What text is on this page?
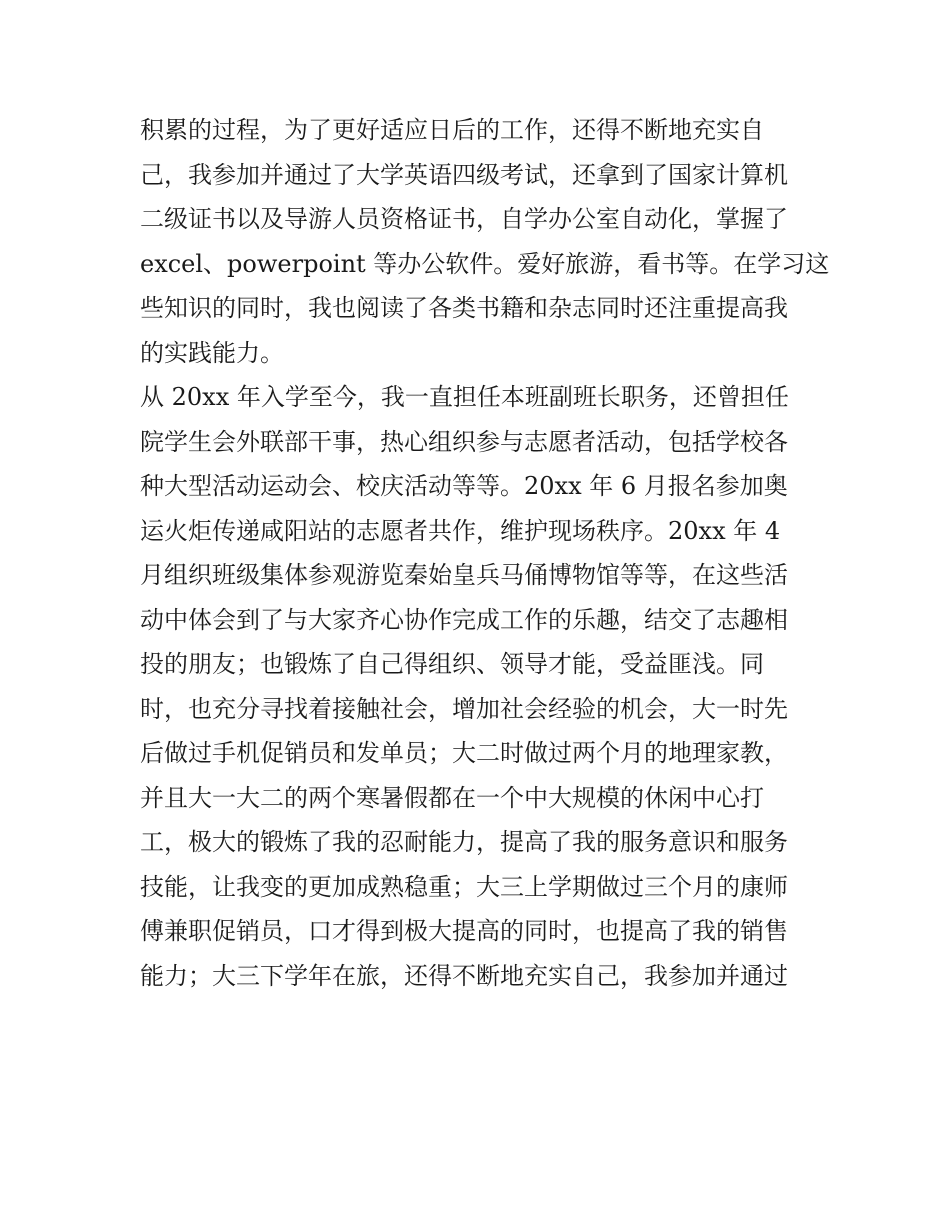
积累的过程，为了更好适应日后的工作，还得不断地充实自
己，我参加并通过了大学英语四级考试，还拿到了国家计算机
二级证书以及导游人员资格证书，自学办公室自动化，掌握了
excel、powerpoint 等办公软件。爱好旅游，看书等。在学习这
些知识的同时，我也阅读了各类书籍和杂志同时还注重提高我
的实践能力。
从 20xx 年入学至今，我一直担任本班副班长职务，还曾担任
院学生会外联部干事，热心组织参与志愿者活动，包括学校各
种大型活动运动会、校庆活动等等。20xx 年 6 月报名参加奥
运火炬传递咸阳站的志愿者共作，维护现场秩序。20xx 年 4
月组织班级集体参观游览秦始皇兵马俑博物馆等等，在这些活
动中体会到了与大家齐心协作完成工作的乐趣，结交了志趣相
投的朋友；也锻炼了自己得组织、领导才能，受益匪浅。同
时，也充分寻找着接触社会，增加社会经验的机会，大一时先
后做过手机促销员和发单员；大二时做过两个月的地理家教，
并且大一大二的两个寒暑假都在一个中大规模的休闲中心打
工，极大的锻炼了我的忍耐能力，提高了我的服务意识和服务
技能，让我变的更加成熟稳重；大三上学期做过三个月的康师
傅兼职促销员，口才得到极大提高的同时，也提高了我的销售
能力；大三下学年在旅，还得不断地充实自己，我参加并通过
